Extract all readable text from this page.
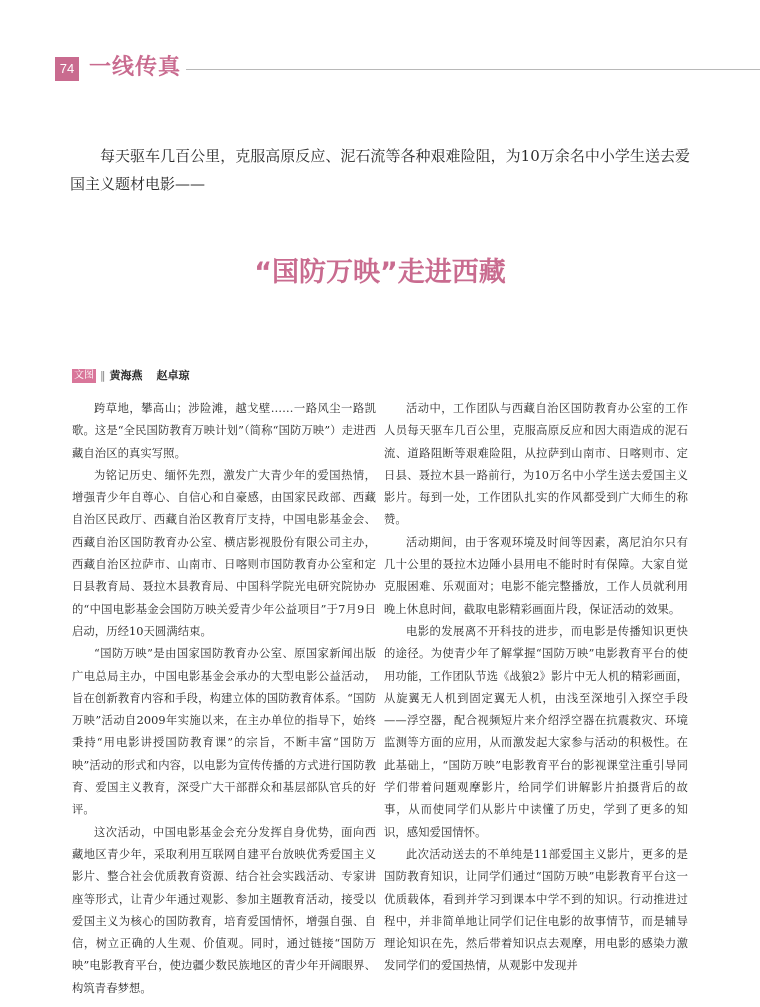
74 一线传真

每天驱车几百公里，克服高原反应、泥石流等各种艰难险阻，为10万余名中小学生送去爱国主义题材电影——

“国防万映”走进西藏
文图 ‖ 黄海燕 赵卓琼

跨草地，攀高山；涉险滩，越戈壁……一路风尘一路凯歌。这是“全民国防教育万映计划”（简称“国防万映”）走进西藏自治区的真实写照。

为铭记历史、缅怀先烈，激发广大青少年的爱国热情，增强青少年自尊心、自信心和自豪感，由国家民政部、西藏自治区民政厅、西藏自治区教育厅支持，中国电影基金会、西藏自治区国防教育办公室、横店影视股份有限公司主办，西藏自治区拉萨市、山南市、日喀则市国防教育办公室和定日县教育局、聂拉木县教育局、中国科学院光电研究院协办的“中国电影基金会国防万映关爱青少年公益项目”于7月9日启动，历经10天圆满结束。

“国防万映”是由国家国防教育办公室、原国家新闻出版广电总局主办，中国电影基金会承办的大型电影公益活动，旨在创新教育内容和手段，构建立体的国防教育体系。“国防万映”活动自2009年实施以来，在主办单位的指导下，始终秉持“用电影讲授国防教育课”的宗旨，不断丰富“国防万映”活动的形式和内容，以电影为宣传传播的方式进行国防教育、爱国主义教育，深受广大干部群众和基层部队官兵的好评。

这次活动，中国电影基金会充分发挥自身优势，面向西藏地区青少年，采取利用互联网自建平台放映优秀爱国主义影片、整合社会优质教育资源、结合社会实践活动、专家讲座等形式，让青少年通过观影、参加主题教育活动，接受以爱国主义为核心的国防教育，培育爱国情怀，增强自强、自信，树立正确的人生观、价值观。同时，通过链接“国防万映”电影教育平台，使边疆少数民族地区的青少年开阔眼界、构筑青春梦想。

活动中，工作团队与西藏自治区国防教育办公室的工作人员每天驱车几百公里，克服高原反应和因大雨造成的泥石流、道路阻断等艰难险阻，从拉萨到山南市、日喀则市、定日县、聂拉木县一路前行，为10万名中小学生送去爱国主义影片。每到一处，工作团队扎实的作风都受到广大师生的称赞。

活动期间，由于客观环境及时间等因素，离尼泊尔只有几十公里的聂拉木边陲小县用电不能时时有保障。大家自觉克服困难、乐观面对；电影不能完整播放，工作人员就利用晚上休息时间，截取电影精彩画面片段，保证活动的效果。

电影的发展离不开科技的进步，而电影是传播知识更快的途径。为使青少年了解掌握“国防万映”电影教育平台的使用功能，工作团队节选《战狼2》影片中无人机的精彩画面，从旋翼无人机到固定翼无人机，由浅至深地引入探空手段——浮空器，配合视频短片来介绍浮空器在抗震救灾、环境监测等方面的应用，从而激发起大家参与活动的积极性。在此基础上，“国防万映”电影教育平台的影视课堂注重引导同学们带着问题观摩影片，给同学们讲解影片拍摄背后的故事，从而使同学们从影片中读懂了历史，学到了更多的知识，感知爱国情怀。

此次活动送去的不单纯是11部爱国主义影片，更多的是国防教育知识，让同学们通过“国防万映”电影教育平台这一优质载体，看到并学习到课本中学不到的知识。行动推进过程中，并非简单地让同学们记住电影的故事情节，而是辅导理论知识在先，然后带着知识点去观摩，用电影的感染力激发同学们的爱国热情，从观影中发现并
